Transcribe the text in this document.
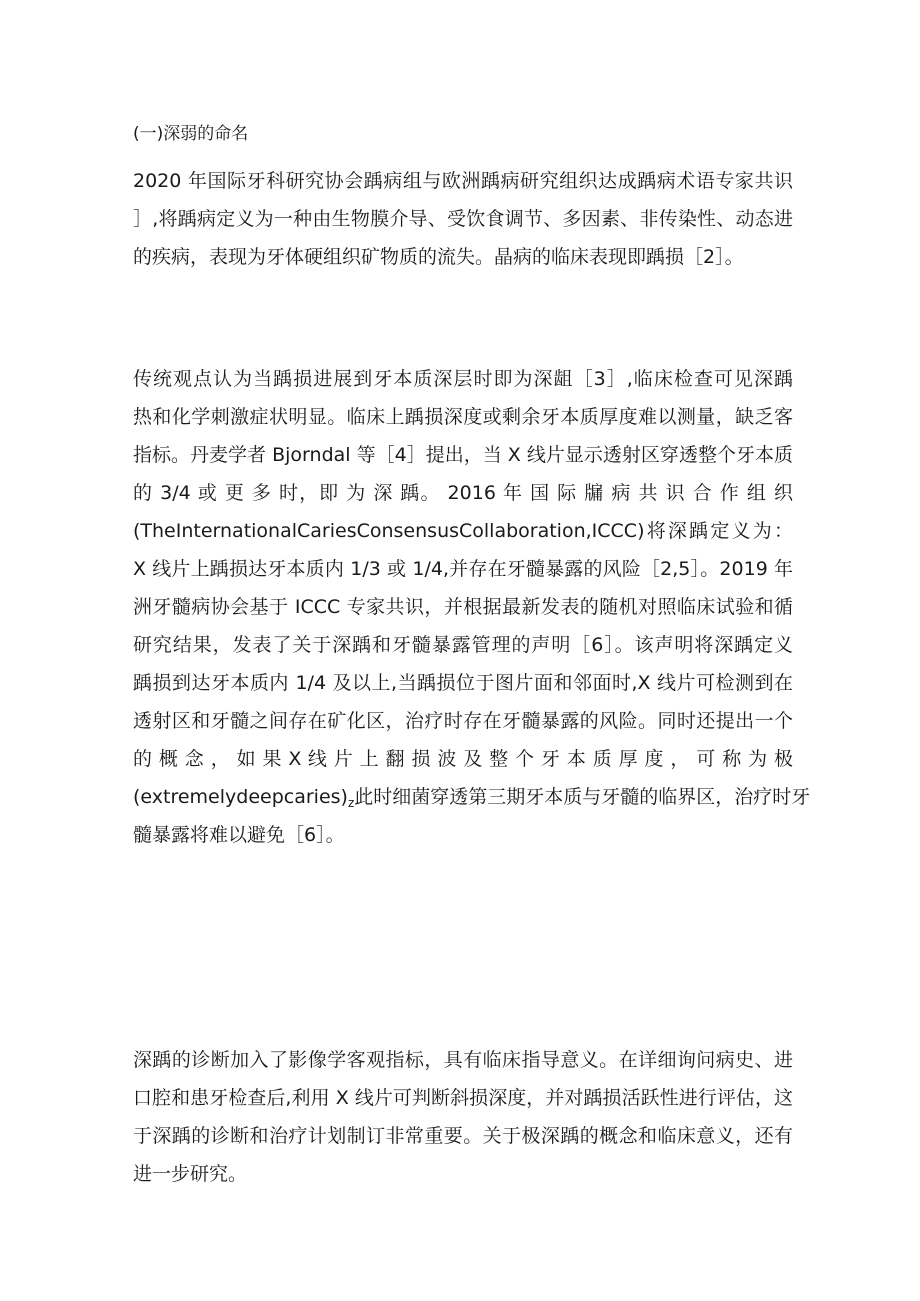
(一)深弱的命名
2020 年国际牙科研究协会踽病组与欧洲踽病研究组织达成踽病术语专家共识
］,将踽病定义为一种由生物膜介导、受饮食调节、多因素、非传染性、动态进
的疾病，表现为牙体硬组织矿物质的流失。晶病的临床表现即踽损［2］。
传统观点认为当踽损进展到牙本质深层时即为深龃［3］,临床检查可见深踽
热和化学刺激症状明显。临床上踽损深度或剩余牙本质厚度难以测量，缺乏客
指标。丹麦学者 Bjorndal 等［4］提出，当 X 线片显示透射区穿透整个牙本质
的 3/4 或 更 多 时，即 为 深 踽。 2016 年 国 际 牖 病 共 识 合 作 组 织
(TheInternationalCariesConsensusCollaboration,ICCC)将深踽定义为：
X 线片上踽损达牙本质内 1/3 或 1/4,并存在牙髓暴露的风险［2,5］。2019 年
洲牙髓病协会基于 ICCC 专家共识，并根据最新发表的随机对照临床试验和循
研究结果，发表了关于深踽和牙髓暴露管理的声明［6］。该声明将深踽定义
踽损到达牙本质内 1/4 及以上,当踽损位于图片面和邻面时,X 线片可检测到在
透射区和牙髓之间存在矿化区，治疗时存在牙髓暴露的风险。同时还提出一个
的 概 念 ， 如 果 X 线 片 上 翻 损 波 及 整 个 牙 本 质 厚 度 ， 可 称 为 极
$(extremelydeepcaries)_z$此时细菌穿透第三期牙本质与牙髓的临界区，治疗时牙
髓暴露将难以避免［6］。
深踽的诊断加入了影像学客观指标，具有临床指导意义。在详细询问病史、进
口腔和患牙检查后,利用 X 线片可判断斜损深度，并对踽损活跃性进行评估，这
于深踽的诊断和治疗计划制订非常重要。关于极深踽的概念和临床意义，还有
进一步研究。
